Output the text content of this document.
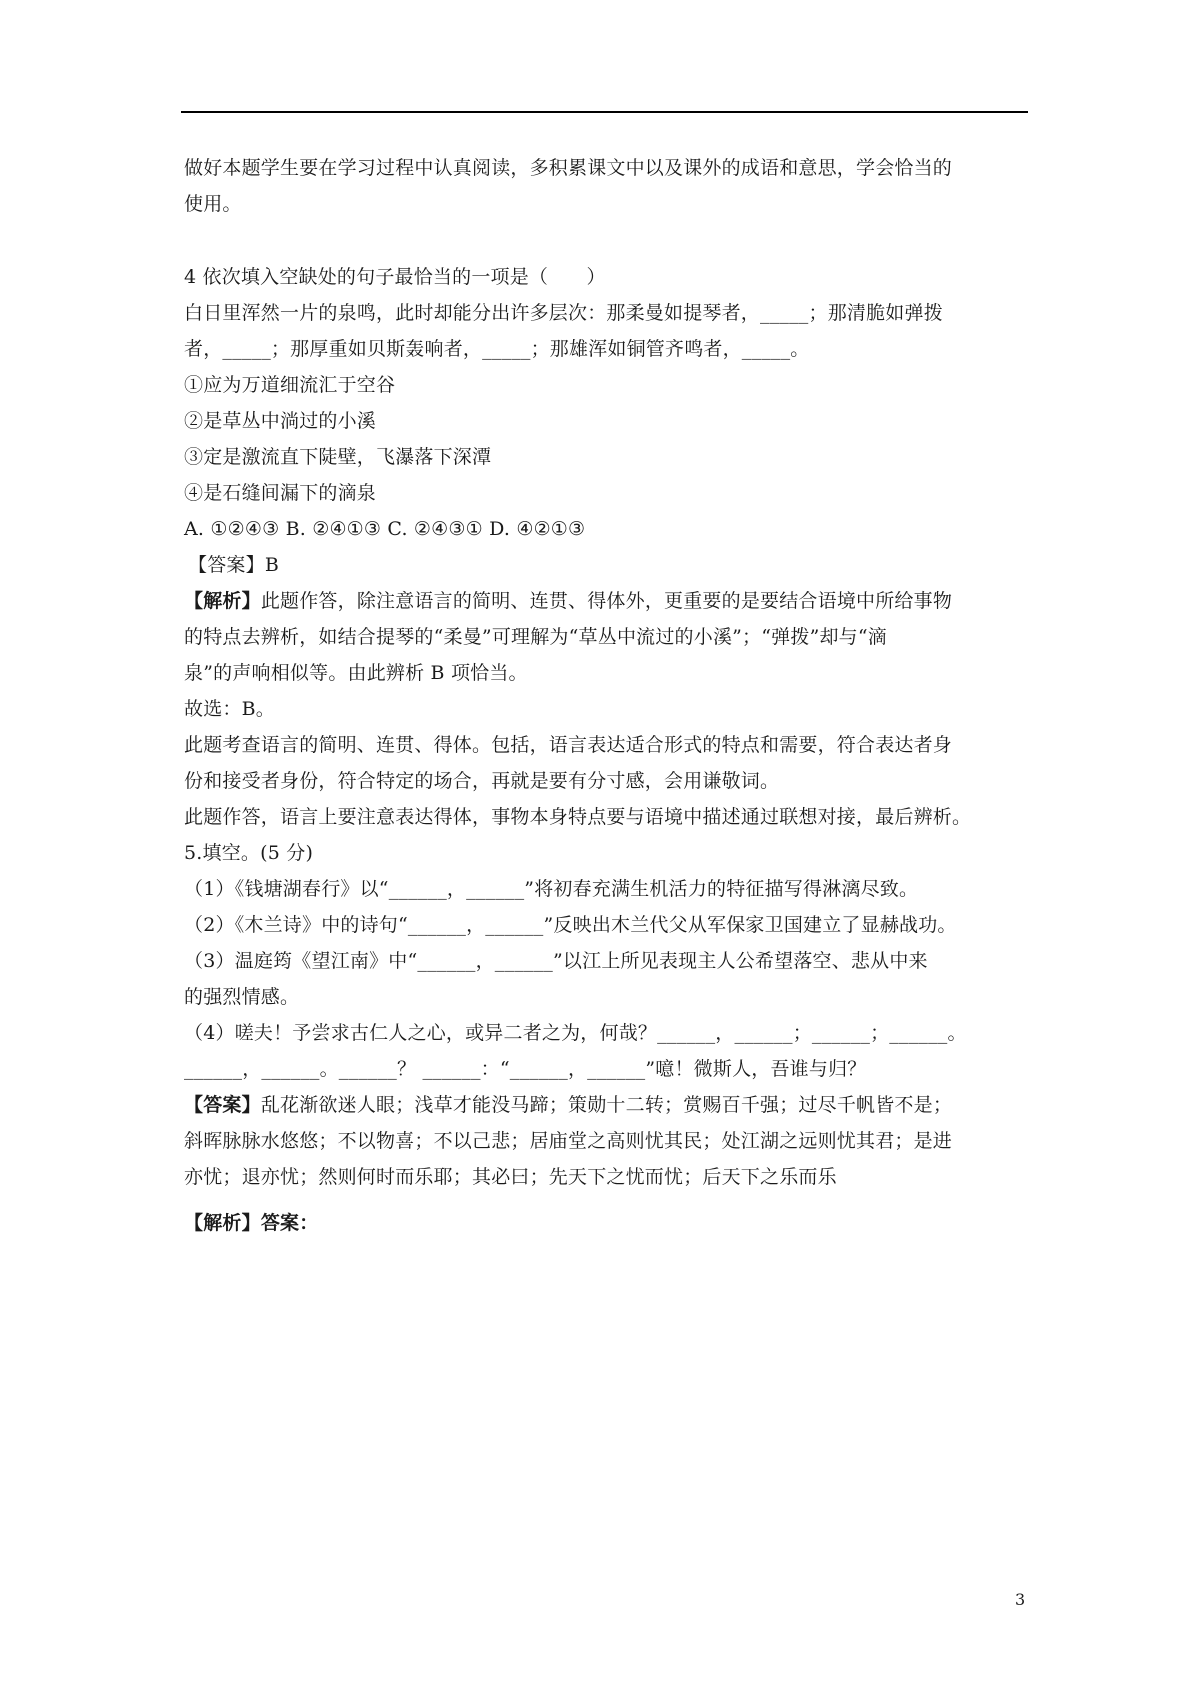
做好本题学生要在学习过程中认真阅读，多积累课文中以及课外的成语和意思，学会恰当的
使用。
4 依次填入空缺处的句子最恰当的一项是（　　）
白日里浑然一片的泉鸣，此时却能分出许多层次：那柔曼如提琴者，_____；那清脆如弹拨
者，_____；那厚重如贝斯轰响者，_____；那雄浑如铜管齐鸣者，_____。
①应为万道细流汇于空谷
②是草丛中淌过的小溪
③定是激流直下陡壁，飞瀑落下深潭
④是石缝间漏下的滴泉
A. ①②④③ B. ②④①③ C. ②④③① D. ④②①③
【答案】B
【解析】此题作答，除注意语言的简明、连贯、得体外，更重要的是要结合语境中所给事物
的特点去辨析，如结合提琴的“柔曼”可理解为“草丛中流过的小溪”；“弹拨”却与“滴
泉”的声响相似等。由此辨析 B 项恰当。
故选：B。
此题考查语言的简明、连贯、得体。包括，语言表达适合形式的特点和需要，符合表达者身
份和接受者身份，符合特定的场合，再就是要有分寸感，会用谦敬词。
此题作答，语言上要注意表达得体，事物本身特点要与语境中描述通过联想对接，最后辨析。
5.填空。(5 分)
（1）《钱塘湖春行》以“______，______”将初春充满生机活力的特征描写得淋漓尽致。
（2）《木兰诗》中的诗句“______，______”反映出木兰代父从军保家卫国建立了显赫战功。
（3）温庭筠《望江南》中“______，______”以江上所见表现主人公希望落空、悲从中来
的强烈情感。
（4）嗟夫！予尝求古仁人之心，或异二者之为，何哉？______，______；______；______。
______，______。______？ ______：“______，______”噫！微斯人，吾谁与归？
【答案】乱花渐欲迷人眼；浅草才能没马蹄；策勋十二转；赏赐百千强；过尽千帆皆不是；
斜晖脉脉水悠悠；不以物喜；不以己悲；居庙堂之高则忧其民；处江湖之远则忧其君；是进
亦忧；退亦忧；然则何时而乐耶；其必曰；先天下之忧而忧；后天下之乐而乐
【解析】答案：
3
